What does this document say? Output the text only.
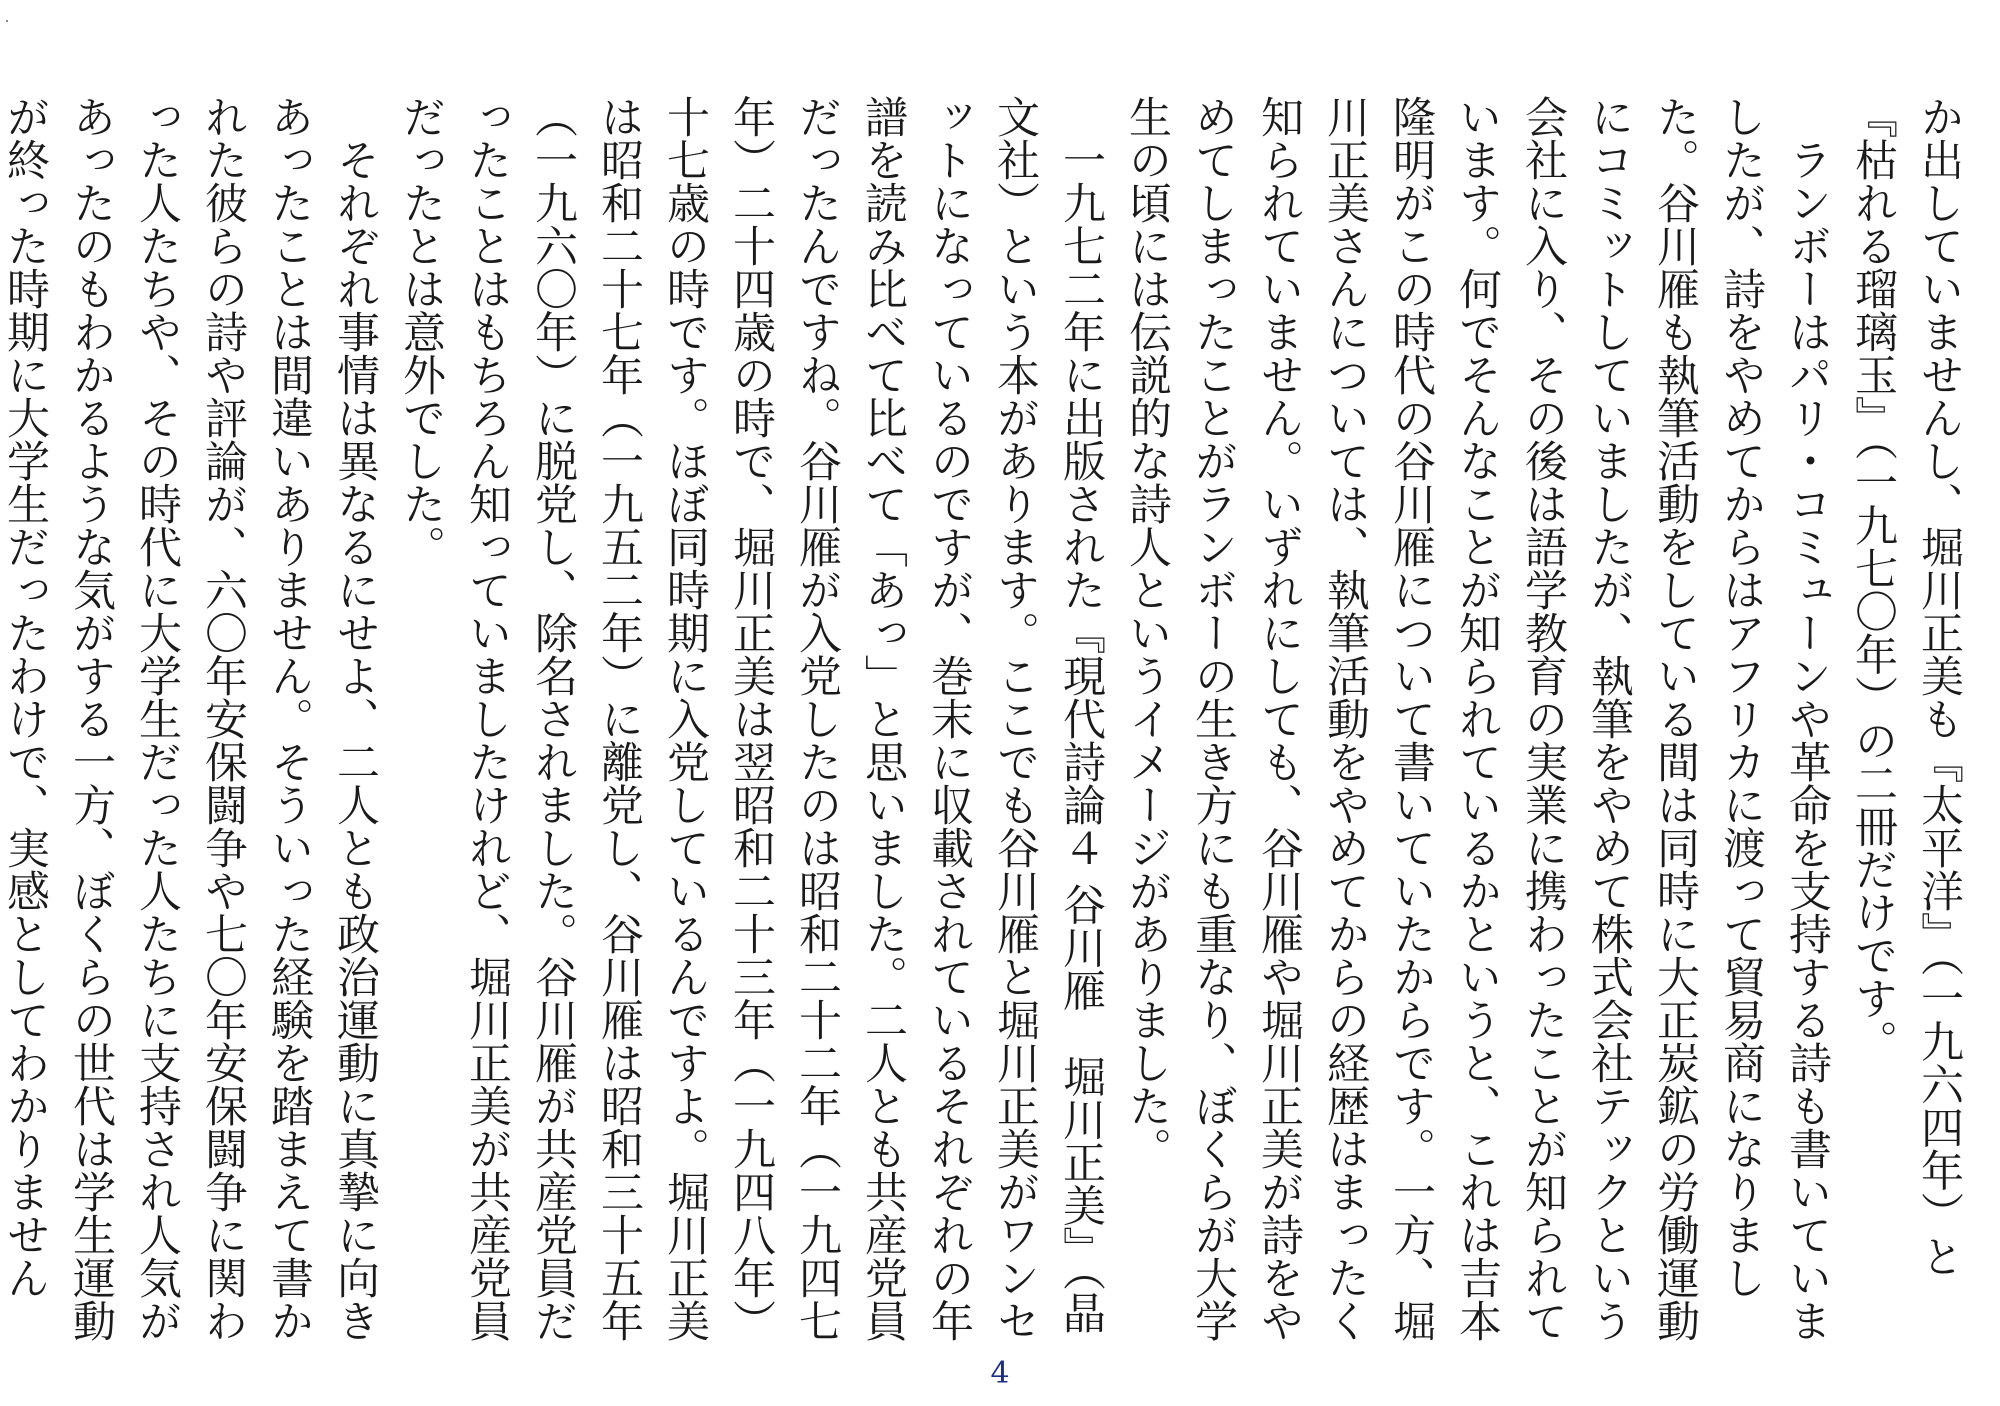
か出していませんし、堀川正美も『太平洋』（一九六四年）と『枯れる瑠璃玉』（一九七〇年）の二冊だけです。

ランボーはパリ・コミューンや革命を支持する詩も書いていましたが、詩をやめてからはアフリカに渡って貿易商になりました。谷川雁も執筆活動をしている間は同時に大正炭鉱の労働運動にコミットしていましたが、執筆をやめて株式会社テックという会社に入り、その後は語学教育の実業に携わったことが知られています。何でそんなことが知られているかというと、これは吉本隆明がこの時代の谷川雁について書いていたからです。一方、堀川正美さんについては、執筆活動をやめてからの経歴はまったく知られていません。いずれにしても、谷川雁や堀川正美が詩をやめてしまったことがランボーの生き方にも重なり、ぼくらが大学生の頃には伝説的な詩人というイメージがありました。

一九七二年に出版された『現代詩論４ 谷川雁　堀川正美』（晶文社）という本があります。ここでも谷川雁と堀川正美がワンセットになっているのですが、巻末に収載されているそれぞれの年譜を読み比べて比べて「あっ」と思いました。二人とも共産党員だったんですね。谷川雁が入党したのは昭和二十二年（一九四七年）二十四歳の時で、堀川正美は翌昭和二十三年（一九四八年）十七歳の時です。ほぼ同時期に入党しているんですよ。堀川正美は昭和二十七年（一九五二年）に離党し、谷川雁は昭和三十五年（一九六〇年）に脱党し、除名されました。谷川雁が共産党員だったことはもちろん知っていましたけれど、堀川正美が共産党員だったとは意外でした。

それぞれ事情は異なるにせよ、二人とも政治運動に真摯に向きあったことは間違いありません。そういった経験を踏まえて書かれた彼らの詩や評論が、六〇年安保闘争や七〇年安保闘争に関わった人たちや、その時代に大学生だった人たちに支持され人気があったのもわかるような気がする一方、ぼくらの世代は学生運動が終った時期に大学生だったわけで、実感としてわかりません

4
